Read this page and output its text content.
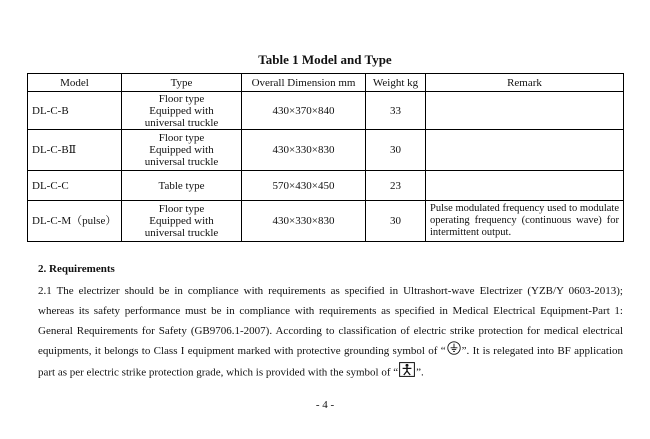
Table 1 Model and Type
Model	Type	Overall Dimension mm	Weight kg	Remark
DL-C-B	Floor type
Equipped with
universal truckle	430×370×840	33	
DL-C-BⅡ	Floor type
Equipped with
universal truckle	430×330×830	30	
DL-C-C	Table type	570×430×450	23	
DL-C-M（pulse）	Floor type
Equipped with
universal truckle	430×330×830	30	Pulse modulated frequency used to modulate operating frequency (continuous wave) for intermittent output.
2. Requirements
2.1 The electrizer should be in compliance with requirements as specified in Ultrashort-wave Electrizer (YZB/Y 0603-2013); whereas its safety performance must be in compliance with requirements as specified in Medical Electrical Equipment-Part 1: General Requirements for Safety (GB9706.1-2007). According to classification of electric strike protection for medical electrical equipments, it belongs to Class I equipment marked with protective grounding symbol of “ ”. It is relegated into BF application part as per electric strike protection grade, which is provided with the symbol of “ ”.
- 4 -
